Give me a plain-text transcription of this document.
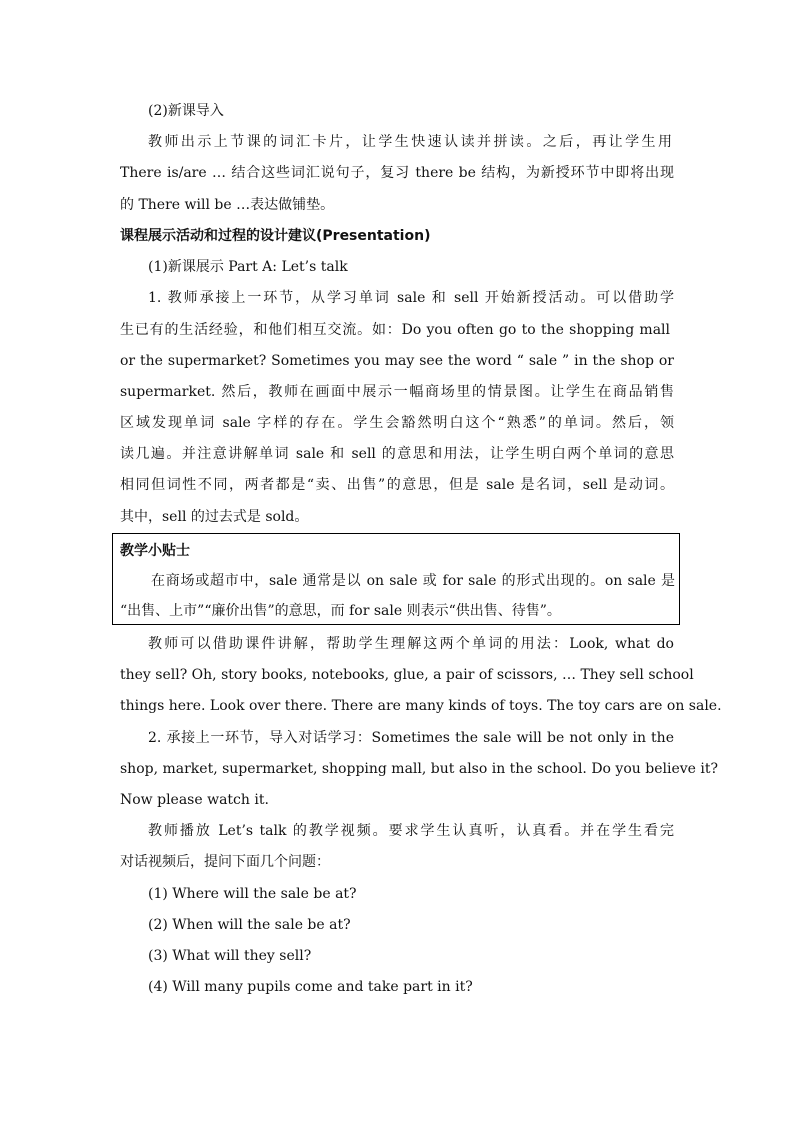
(2)新课导入
教师出示上节课的词汇卡片，让学生快速认读并拼读。之后，再让学生用
There is/are … 结合这些词汇说句子，复习 there be 结构，为新授环节中即将出现
的 There will be …表达做铺垫。
课程展示活动和过程的设计建议(Presentation)
(1)新课展示 Part A: Let’s talk
1. 教师承接上一环节，从学习单词 sale 和 sell 开始新授活动。可以借助学
生已有的生活经验，和他们相互交流。如：Do you often go to the shopping mall
or the supermarket? Sometimes you may see the word “ sale ” in the shop or
supermarket. 然后，教师在画面中展示一幅商场里的情景图。让学生在商品销售
区域发现单词 sale 字样的存在。学生会豁然明白这个“熟悉”的单词。然后，领
读几遍。并注意讲解单词 sale 和 sell 的意思和用法，让学生明白两个单词的意思
相同但词性不同，两者都是“卖、出售”的意思，但是 sale 是名词，sell 是动词。
其中，sell 的过去式是 sold。
教学小贴士
在商场或超市中，sale 通常是以 on sale 或 for sale 的形式出现的。on sale 是
“出售、上市”“廉价出售”的意思，而 for sale 则表示“供出售、待售”。
教师可以借助课件讲解，帮助学生理解这两个单词的用法：Look, what do
they sell? Oh, story books, notebooks, glue, a pair of scissors, … They sell school
things here. Look over there. There are many kinds of toys. The toy cars are on sale.
2. 承接上一环节，导入对话学习：Sometimes the sale will be not only in the
shop, market, supermarket, shopping mall, but also in the school. Do you believe it?
Now please watch it.
教师播放 Let’s talk 的教学视频。要求学生认真听，认真看。并在学生看完
对话视频后，提问下面几个问题：
(1) Where will the sale be at?
(2) When will the sale be at?
(3) What will they sell?
(4) Will many pupils come and take part in it?
